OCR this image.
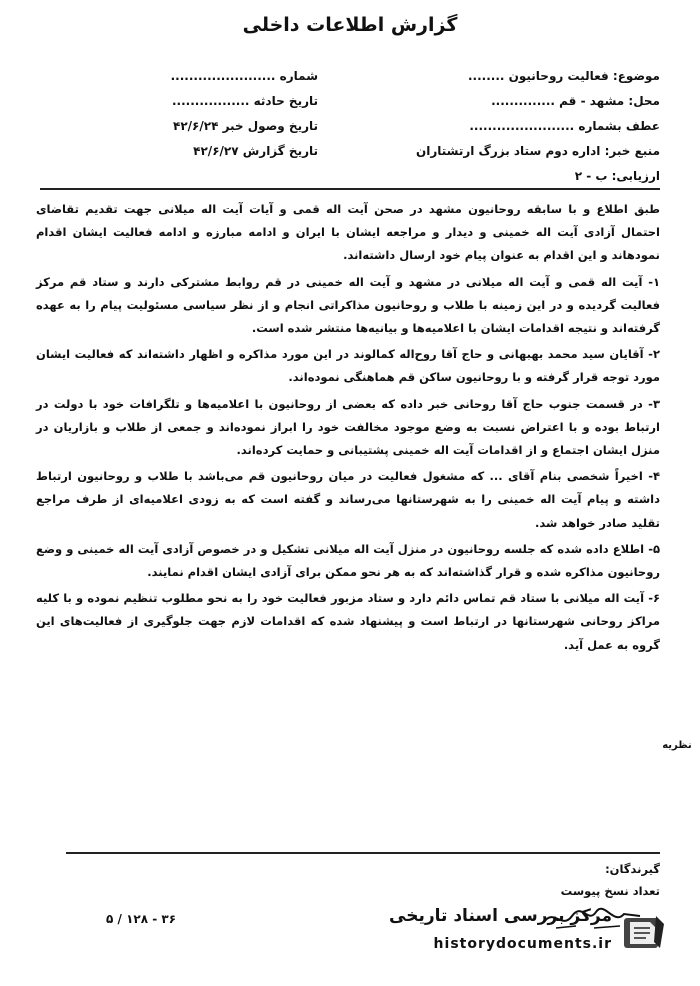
گزارش اطلاعات داخلی
موضوع: فعالیت روحانیون ........
محل: مشهد - قم ..............
عطف بشماره .......................
منبع خبر: اداره دوم ستاد بزرگ ارتشتاران
ارزیابی: ب - ۲
شماره .......................
تاریخ حادثه .................
تاریخ وصول خبر ۴۲/۶/۲۴
تاریخ گزارش ۴۲/۶/۲۷

طبق اطلاع و با سابقه روحانیون مشهد در صحن آیت اله قمی و آیات آیت اله میلانی جهت تقدیم تقاضای احتمال آزادی آیت اله خمینی و دیدار و مراجعه ایشان با ایران و ادامه مبارزه و ادامه فعالیت ایشان اقدام نمودهاند و این اقدام به عنوان پیام خود ارسال داشته‌اند.

۱- آیت اله قمی و آیت اله میلانی در مشهد و آیت اله خمینی در قم روابط مشترکی دارند و ستاد قم مرکز فعالیت گردیده و در این زمینه با طلاب و روحانیون مذاکراتی انجام و از نظر سیاسی مسئولیت پیام را به عهده گرفته‌اند و نتیجه اقدامات ایشان با اعلامیه‌ها و بیانیه‌ها منتشر شده است.

۲- آقایان سید محمد بهبهانی و حاج آقا روح‌اله کمالوند در این مورد مذاکره و اظهار داشته‌اند که فعالیت ایشان مورد توجه قرار گرفته و با روحانیون ساکن قم هماهنگی نموده‌اند.

۳- در قسمت جنوب حاج آقا روحانی خبر داده که بعضی از روحانیون با اعلامیه‌ها و تلگرافات خود با دولت در ارتباط بوده و با اعتراض نسبت به وضع موجود مخالفت خود را ابراز نموده‌اند و جمعی از طلاب و بازاریان در منزل ایشان اجتماع و از اقدامات آیت اله خمینی پشتیبانی و حمایت کرده‌اند.

۴- اخیراً شخصی بنام آقای ... که مشغول فعالیت در میان روحانیون قم می‌باشد با طلاب و روحانیون ارتباط داشته و پیام آیت اله خمینی را به شهرستانها می‌رساند و گفته است که به زودی اعلامیه‌ای از طرف مراجع تقلید صادر خواهد شد.

۵- اطلاع داده شده که جلسه روحانیون در منزل آیت اله میلانی تشکیل و در خصوص آزادی آیت اله خمینی و وضع روحانیون مذاکره شده و قرار گذاشته‌اند که به هر نحو ممکن برای آزادی ایشان اقدام نمایند.

۶- آیت اله میلانی با ستاد قم تماس دائم دارد و ستاد مزبور فعالیت خود را به نحو مطلوب تنظیم نموده و با کلیه مراکز روحانی شهرستانها در ارتباط است و پیشنهاد شده که اقدامات لازم جهت جلوگیری از فعالیت‌های این گروه به عمل آید.

نظریه
گیرندگان:
تعداد نسخ پیوست
۳۶ - ۱۲۸ / ۵	مرکز بررسی اسناد تاریخی
historydocuments.ir
